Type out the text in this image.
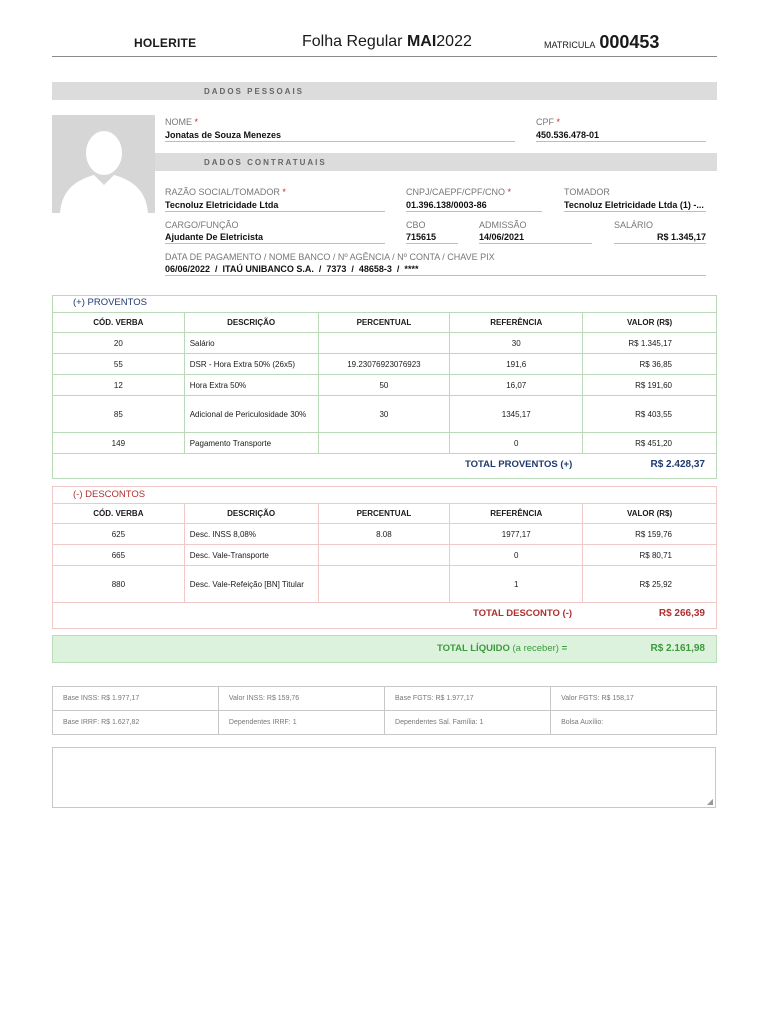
HOLERITE	Folha Regular MAI2022	MATRICULA 000453
DADOS PESSOAIS
NOME *
Jonatas de Souza Menezes
CPF *
450.536.478-01
DADOS CONTRATUAIS
RAZÃO SOCIAL/TOMADOR *
Tecnoluz Eletricidade Ltda
CNPJ/CAEPF/CPF/CNO *
01.396.138/0003-86
TOMADOR
Tecnoluz Eletricidade Ltda (1) -...
CARGO/FUNÇÃO
Ajudante De Eletricista
CBO
715615
ADMISSÃO
14/06/2021
SALÁRIO
R$ 1.345,17
DATA DE PAGAMENTO / NOME BANCO / Nº AGÊNCIA / Nº CONTA / CHAVE PIX
06/06/2022  /  ITAÚ UNIBANCO S.A.  /  7373  /  48658-3  /  ****
(+) PROVENTOS
CÓD. VERBA	DESCRIÇÃO	PERCENTUAL	REFERÊNCIA	VALOR (R$)
20	Salário		30	R$ 1.345,17
55	DSR - Hora Extra 50% (26x5)	19.23076923076923	191,6	R$ 36,85
12	Hora Extra 50%	50	16,07	R$ 191,60
85	Adicional de Periculosidade 30%	30	1345,17	R$ 403,55
149	Pagamento Transporte		0	R$ 451,20
TOTAL PROVENTOS (+)	R$ 2.428,37
(-) DESCONTOS
CÓD. VERBA	DESCRIÇÃO	PERCENTUAL	REFERÊNCIA	VALOR (R$)
625	Desc. INSS 8,08%	8.08	1977,17	R$ 159,76
665	Desc. Vale-Transporte		0	R$ 80,71
880	Desc. Vale-Refeição [BN] Titular		1	R$ 25,92
TOTAL DESCONTO (-)	R$ 266,39
TOTAL LÍQUIDO (a receber) =	R$ 2.161,98
Base INSS: R$ 1.977,17	Valor INSS: R$ 159,76	Base FGTS: R$ 1.977,17	Valor FGTS: R$ 158,17
Base IRRF: R$ 1.627,82	Dependentes IRRF: 1	Dependentes Sal. Família: 1	Bolsa Auxílio:
◢
